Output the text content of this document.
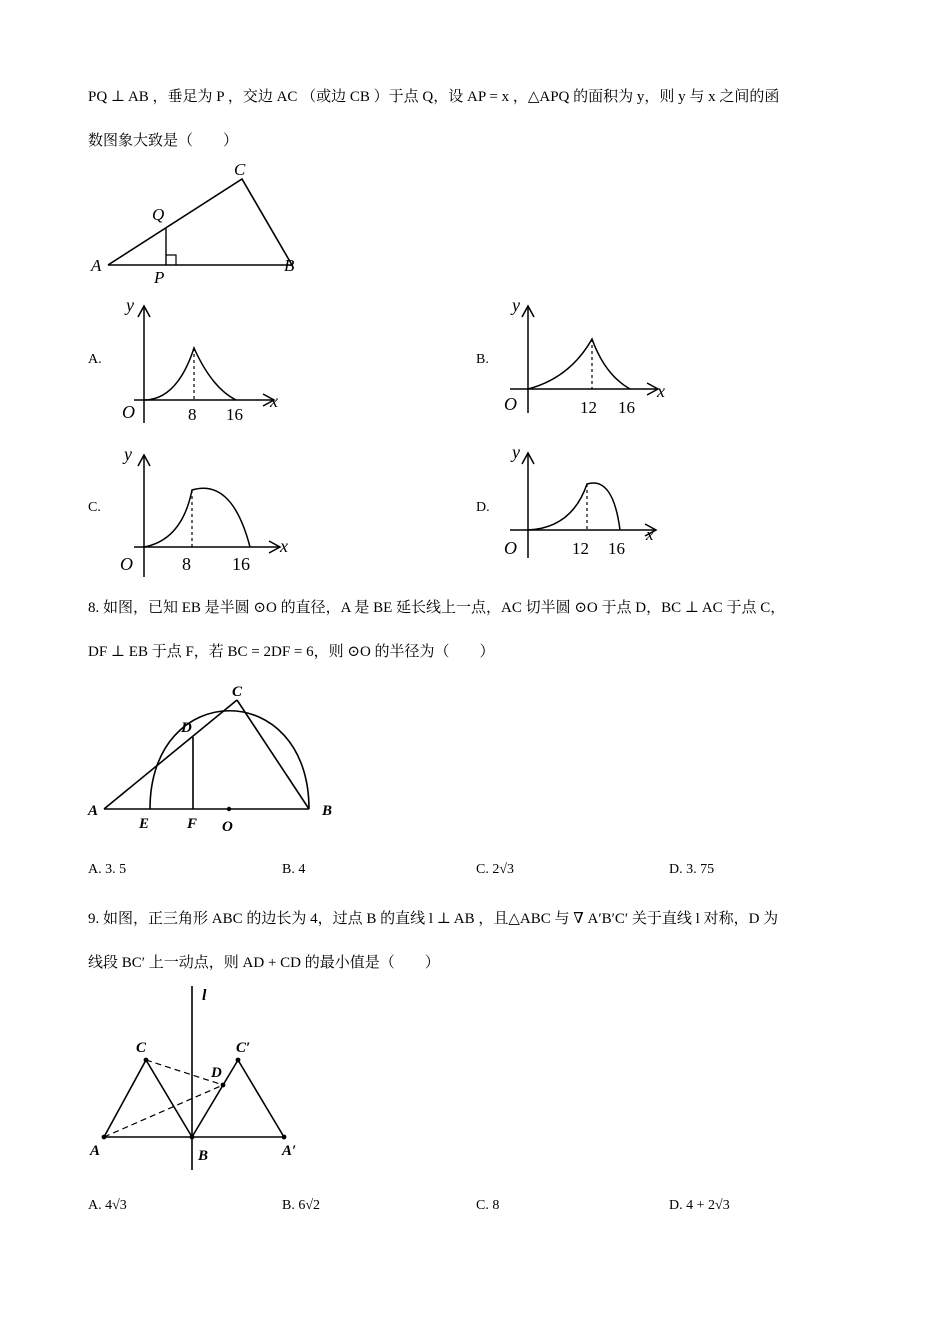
PQ ⊥ AB ，垂足为 P ，交边 AC （或边 CB ）于点 Q，设 AP = x ，△APQ 的面积为 y，则 y 与 x 之间的函
数图象大致是（　　）
A	B
C
P
Q
A.
O	8 16
x
y
B.
O	12 16
x
y
C.
O	8 16
x
y
D.
O	12 16
x
y
8. 如图，已知 EB 是半圆 ⊙O 的直径，A 是 BE 延长线上一点，AC 切半圆 ⊙O 于点 D，BC ⊥ AC 于点 C，
DF ⊥ EB 于点 F，若 BC = 2DF = 6，则 ⊙O 的半径为（　　）
C
D
A
E	F O
B
A. 3. 5	B. 4	C. 2√3	D. 3. 75
9. 如图，正三角形 ABC 的边长为 4，过点 B 的直线 l ⊥ AB ，且△ABC 与 ∇ A′B′C′ 关于直线 l 对称，D 为
线段 BC′ 上一动点，则 AD + CD 的最小值是（　　）
l
C	C′
D
A	B	A′
A. 4√3	B. 6√2	C. 8	D. 4 + 2√3
